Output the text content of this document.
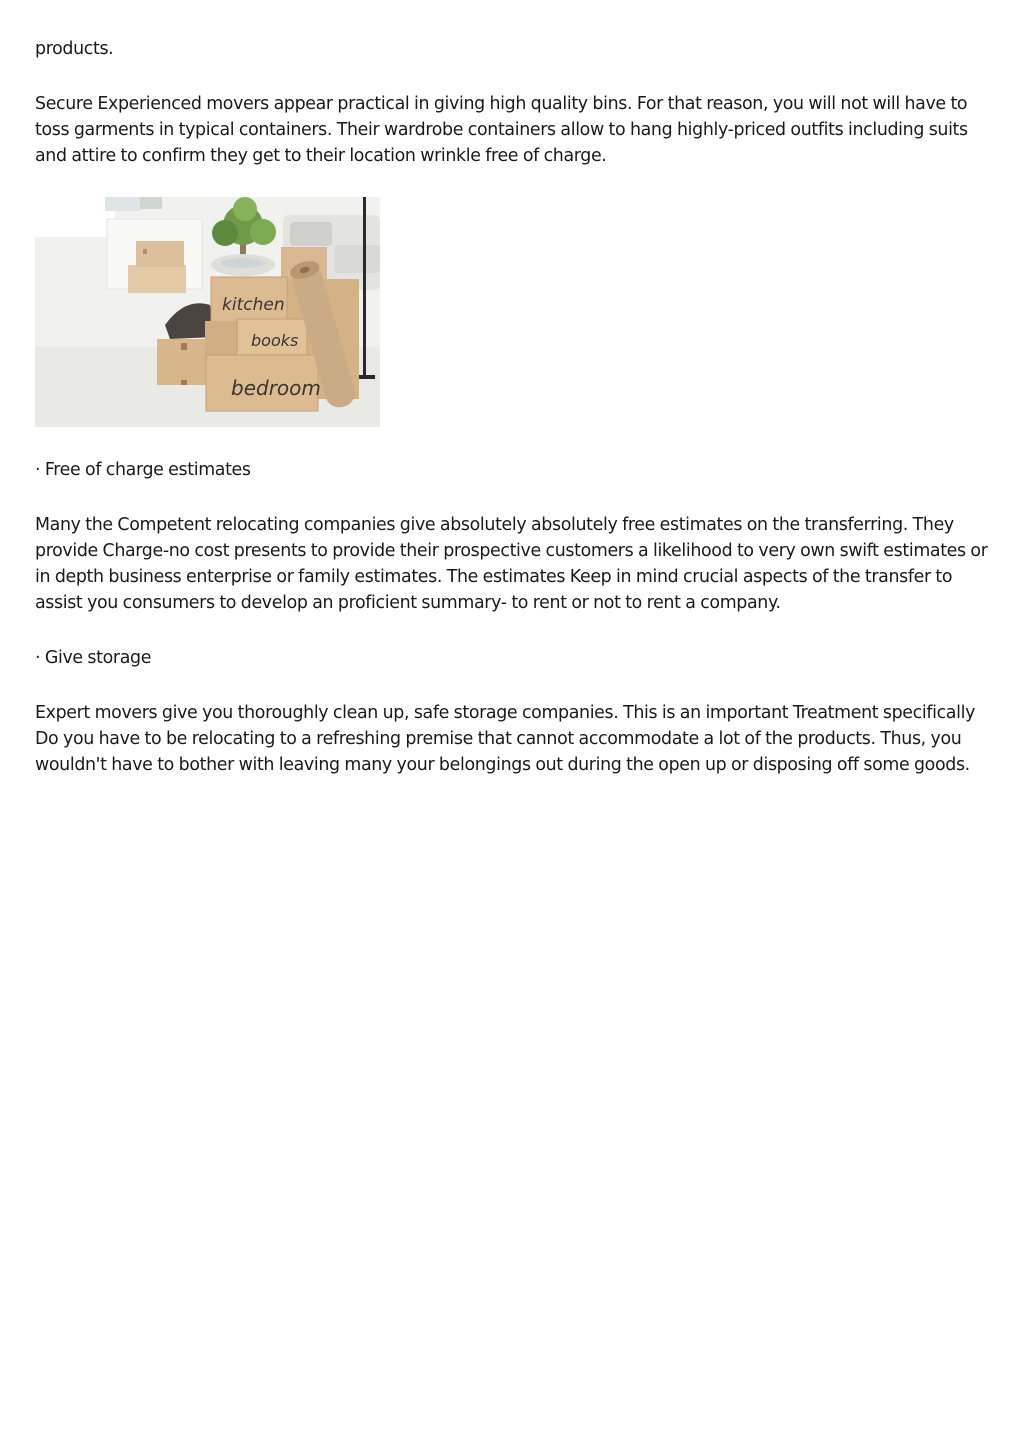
products.

Secure Experienced movers appear practical in giving high quality bins. For that reason, you will not will have to toss garments in typical containers. Their wardrobe containers allow to hang highly-priced outfits including suits and attire to confirm they get to their location wrinkle free of charge.

kitchen
books
bedroom

· Free of charge estimates

Many the Competent relocating companies give absolutely absolutely free estimates on the transferring. They provide Charge-no cost presents to provide their prospective customers a likelihood to very own swift estimates or in depth business enterprise or family estimates. The estimates Keep in mind crucial aspects of the transfer to assist you consumers to develop an proficient summary- to rent or not to rent a company.

· Give storage

Expert movers give you thoroughly clean up, safe storage companies. This is an important Treatment specifically Do you have to be relocating to a refreshing premise that cannot accommodate a lot of the products. Thus, you wouldn't have to bother with leaving many your belongings out during the open up or disposing off some goods.
